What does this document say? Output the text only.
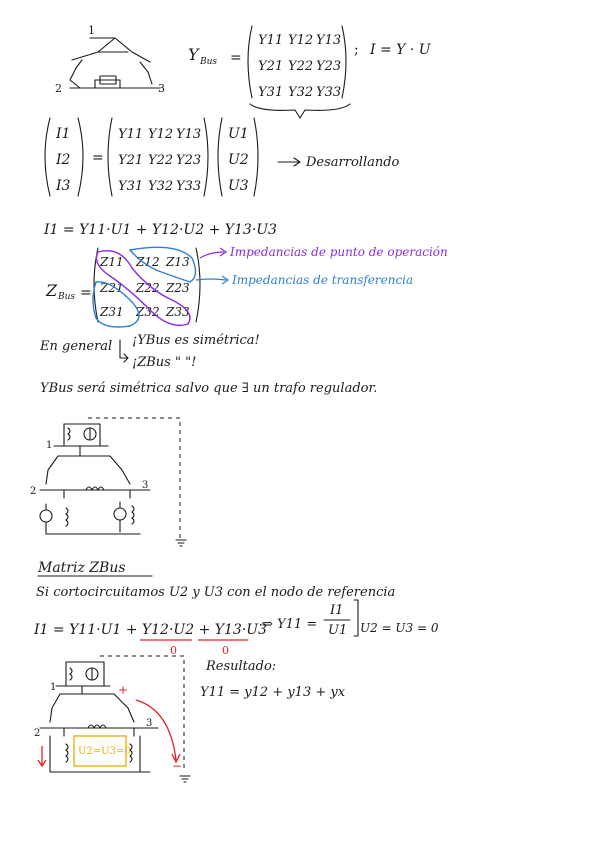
1
2	3
Y Bus =
Y11 Y12 Y13
Y21 Y22 Y23
Y31 Y32 Y33
; I = Y · U
I1
I2
I3
=
Y11 Y12 Y13
Y21 Y22 Y23
Y31 Y32 Y33
U1
U2
U3
Desarrollando
I1 = Y11·U1 + Y12·U2 + Y13·U3
Z Bus =
Z11 Z12 Z13
Z21 Z22 Z23
Z31 Z32 Z33
Impedancias de punto de operación
Impedancias de transferencia
En general ¡YBus es simétrica!
¡ZBus " "!
YBus será simétrica salvo que ∃ un trafo regulador.
1
2
3
Matriz ZBus
Si cortocircuitamos U2 y U3 con el nodo de referencia
I1 = Y11·U1 + Y12·U2 + Y13·U3
0	0
⇒ Y11 =
I1
U1 U2 = U3 = 0
Resultado:
Y11 = y12 + y13 + yx
U2=U3=0
+
−
1
2
3
